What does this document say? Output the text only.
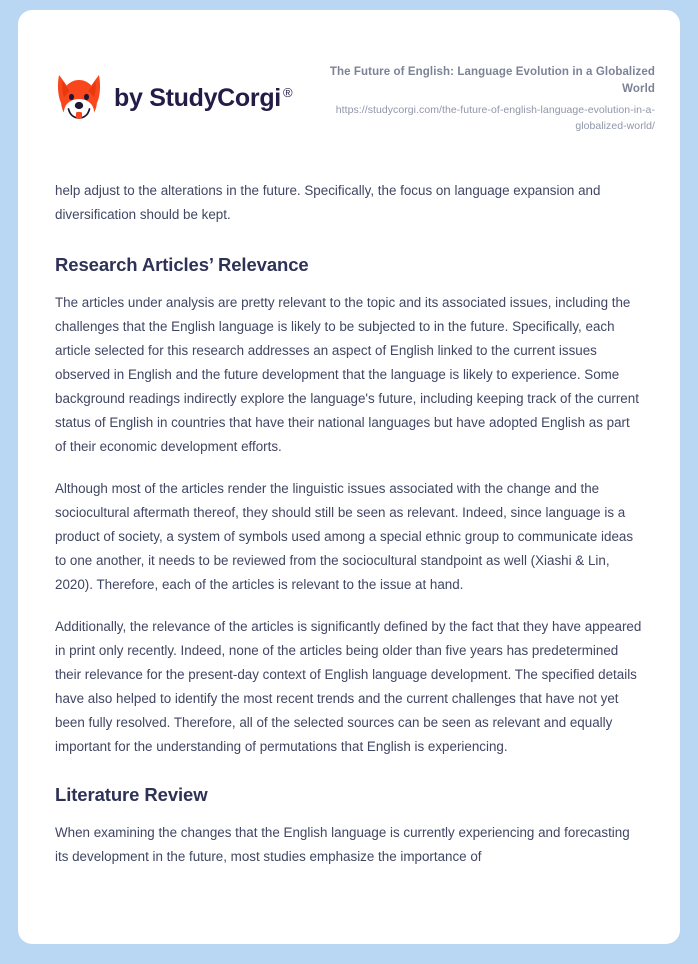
by StudyCorgi ®
The Future of English: Language Evolution in a Globalized World
https://studycorgi.com/the-future-of-english-language-evolution-in-a-globalized-world/

help adjust to the alterations in the future. Specifically, the focus on language expansion and diversification should be kept.

Research Articles’ Relevance

The articles under analysis are pretty relevant to the topic and its associated issues, including the challenges that the English language is likely to be subjected to in the future. Specifically, each article selected for this research addresses an aspect of English linked to the current issues observed in English and the future development that the language is likely to experience. Some background readings indirectly explore the language's future, including keeping track of the current status of English in countries that have their national languages but have adopted English as part of their economic development efforts.

Although most of the articles render the linguistic issues associated with the change and the sociocultural aftermath thereof, they should still be seen as relevant. Indeed, since language is a product of society, a system of symbols used among a special ethnic group to communicate ideas to one another, it needs to be reviewed from the sociocultural standpoint as well (Xiashi & Lin, 2020). Therefore, each of the articles is relevant to the issue at hand.

Additionally, the relevance of the articles is significantly defined by the fact that they have appeared in print only recently. Indeed, none of the articles being older than five years has predetermined their relevance for the present-day context of English language development. The specified details have also helped to identify the most recent trends and the current challenges that have not yet been fully resolved. Therefore, all of the selected sources can be seen as relevant and equally important for the understanding of permutations that English is experiencing.

Literature Review

When examining the changes that the English language is currently experiencing and forecasting its development in the future, most studies emphasize the importance of
